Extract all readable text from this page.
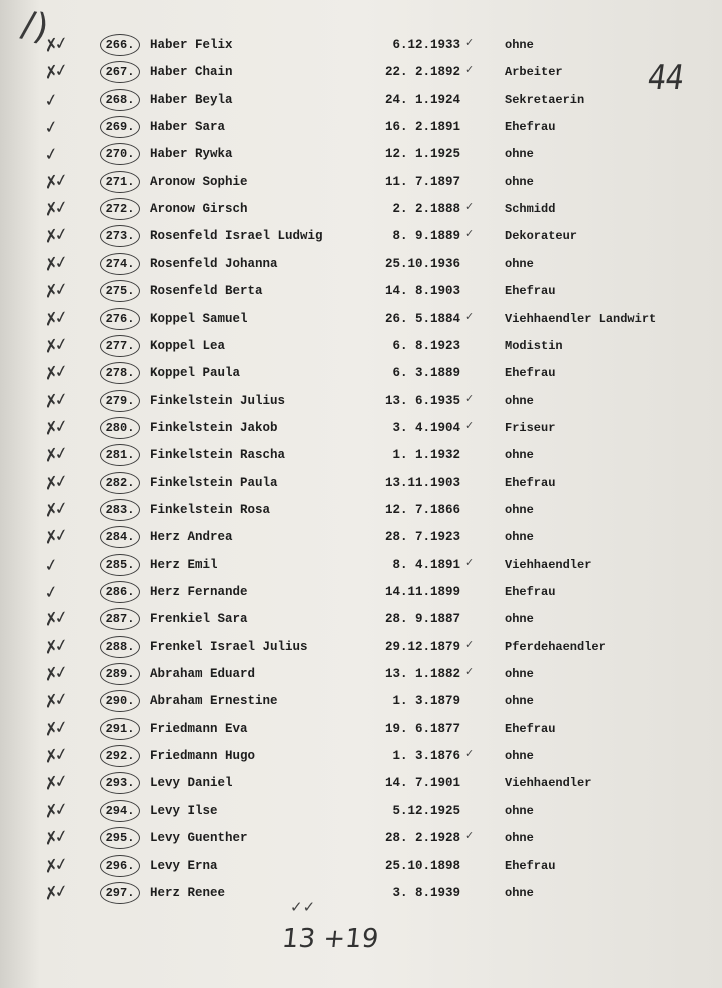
/)
44
✗✓	266.	Haber Felix	6.12.1933 ✓	ohne
✗✓	267.	Haber Chain	22. 2.1892 ✓	Arbeiter
✓	268.	Haber Beyla	24. 1.1924	Sekretaerin
✓	269.	Haber Sara	16. 2.1891	Ehefrau
✓	270.	Haber Rywka	12. 1.1925	ohne
✗✓	271.	Aronow Sophie	11. 7.1897	ohne
✗✓	272.	Aronow Girsch	2. 2.1888 ✓	Schmidd
✗✓	273.	Rosenfeld Israel Ludwig	8. 9.1889 ✓	Dekorateur
✗✓	274.	Rosenfeld Johanna	25.10.1936	ohne
✗✓	275.	Rosenfeld Berta	14. 8.1903	Ehefrau
✗✓	276.	Koppel Samuel	26. 5.1884 ✓	Viehhaendler Landwirt
✗✓	277.	Koppel Lea	6. 8.1923	Modistin
✗✓	278.	Koppel Paula	6. 3.1889	Ehefrau
✗✓	279.	Finkelstein Julius	13. 6.1935 ✓	ohne
✗✓	280.	Finkelstein Jakob	3. 4.1904 ✓	Friseur
✗✓	281.	Finkelstein Rascha	1. 1.1932	ohne
✗✓	282.	Finkelstein Paula	13.11.1903	Ehefrau
✗✓	283.	Finkelstein Rosa	12. 7.1866	ohne
✗✓	284.	Herz Andrea	28. 7.1923	ohne
✓	285.	Herz Emil	8. 4.1891 ✓	Viehhaendler
✓	286.	Herz Fernande	14.11.1899	Ehefrau
✗✓	287.	Frenkiel Sara	28. 9.1887	ohne
✗✓	288.	Frenkel Israel Julius	29.12.1879 ✓	Pferdehaendler
✗✓	289.	Abraham Eduard	13. 1.1882 ✓	ohne
✗✓	290.	Abraham Ernestine	1. 3.1879	ohne
✗✓	291.	Friedmann Eva	19. 6.1877	Ehefrau
✗✓	292.	Friedmann Hugo	1. 3.1876 ✓	ohne
✗✓	293.	Levy Daniel	14. 7.1901	Viehhaendler
✗✓	294.	Levy Ilse	5.12.1925	ohne
✗✓	295.	Levy Guenther	28. 2.1928 ✓	ohne
✗✓	296.	Levy Erna	25.10.1898	Ehefrau
✗✓	297.	Herz Renee	3. 8.1939	ohne
✓✓
13 +19
